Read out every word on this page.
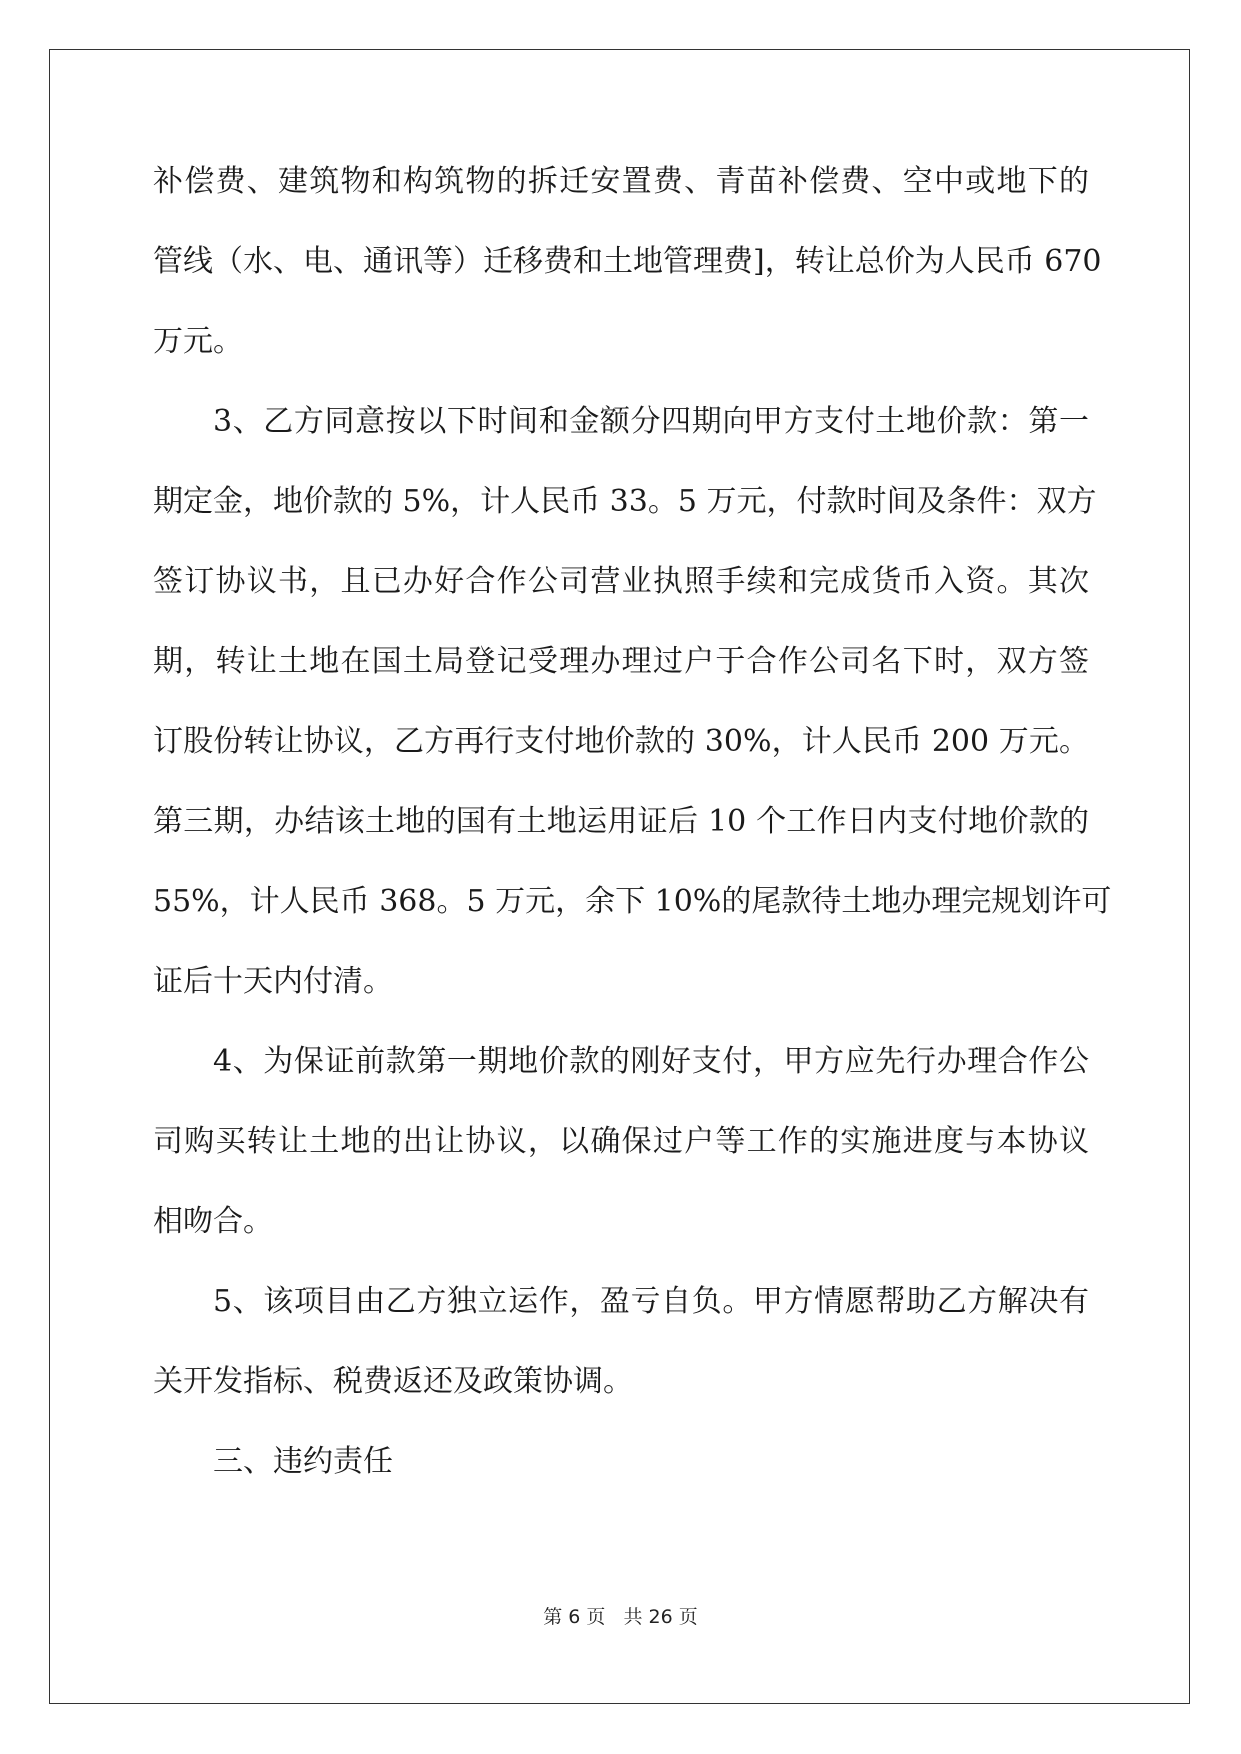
补偿费、建筑物和构筑物的拆迁安置费、青苗补偿费、空中或地下的
管线（水、电、通讯等）迁移费和土地管理费]，转让总价为人民币 670
万元。
3、乙方同意按以下时间和金额分四期向甲方支付土地价款：第一
期定金，地价款的 5%，计人民币 33。5 万元，付款时间及条件：双方
签订协议书，且已办好合作公司营业执照手续和完成货币入资。其次
期，转让土地在国土局登记受理办理过户于合作公司名下时，双方签
订股份转让协议，乙方再行支付地价款的 30%，计人民币 200 万元。
第三期，办结该土地的国有土地运用证后 10 个工作日内支付地价款的
55%，计人民币 368。5 万元，余下 10%的尾款待土地办理完规划许可
证后十天内付清。
4、为保证前款第一期地价款的刚好支付，甲方应先行办理合作公
司购买转让土地的出让协议，以确保过户等工作的实施进度与本协议
相吻合。
5、该项目由乙方独立运作，盈亏自负。甲方情愿帮助乙方解决有
关开发指标、税费返还及政策协调。
三、违约责任
第 6 页 共 26 页
